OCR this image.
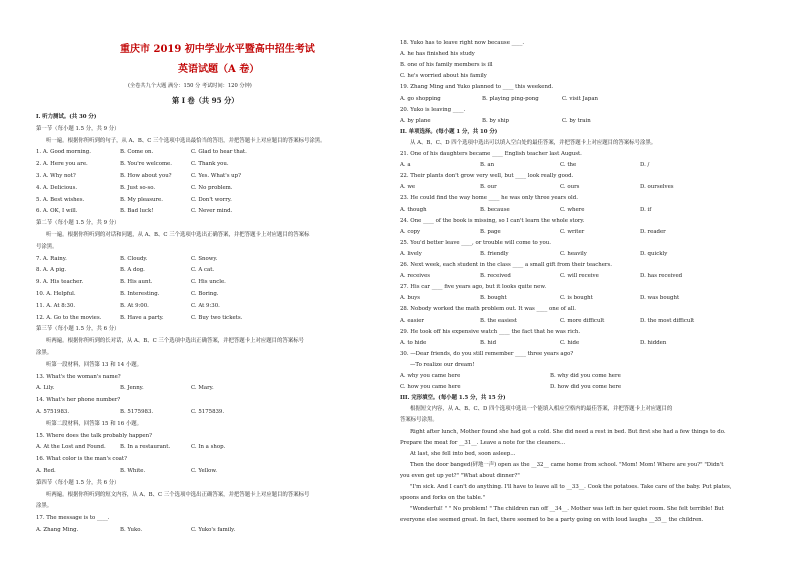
重庆市 2019 初中学业水平暨高中招生考试
英语试题（A 卷）
(全卷共九个大题 满分：150 分 考试时间：120 分钟)
第 I 卷（共 95 分）
I. 听力测试。(共 30 分)
第一节（每小题 1.5 分，共 9 分）
听一遍。根据你所听到的句子，从 A、B、C 三个选项中选出最恰当的答语，并把答题卡上对应题目的答案标号涂黑。
1. A. Good morning.	B. Come on.	C. Glad to hear that.
2. A. Here you are.	B. You're welcome.	C. Thank you.
3. A. Why not?	B. How about you?	C. Yes. What's up?
4. A. Delicious.	B. Just so-so.	C. No problem.
5. A. Best wishes.	B. My pleasure.	C. Don't worry.
6. A. OK, I will.	B. Bad luck!	C. Never mind.
第二节（每小题 1.5 分，共 9 分）
听一遍。根据你所听到的对话和问题，从 A、B、C 三个选项中选出正确答案，并把答题卡上对应题目的答案标
号涂黑。
7. A. Rainy.	B. Cloudy.	C. Snowy.
8. A. A pig.	B. A dog.	C. A cat.
9. A. His teacher.	B. His aunt.	C. His uncle.
10. A. Helpful.	B. Interesting.	C. Boring.
11. A. At 8:30.	B. At 9:00.	C. At 9:30.
12. A. Go to the movies.	B. Have a party.	C. Buy two tickets.
第三节（每小题 1.5 分，共 6 分）
听两遍。根据你所听到的长对话，从 A、B、C 三个选项中选出正确答案，并把答题卡上对应题目的答案标号
涂黑。
听第一段材料，回答第 13 和 14 小题。
13. What's the woman's name?
A. Lily.	B. Jenny.	C. Mary.
14. What's her phone number?
A. 5751983.	B. 5175983.	C. 5175839.
听第二段材料，回答第 15 和 16 小题。
15. Where does the talk probably happen?
A. At the Lost and Found.	B. In a restaurant.	C. In a shop.
16. What color is the man's coat?
A. Red.	B. White.	C. Yellow.
第四节（每小题 1.5 分，共 6 分）
听两遍。根据你所听到的短文内容，从 A、B、C 三个选项中选出正确答案，并把答题卡上对应题目的答案标号
涂黑。
17. The message is to ____.
A. Zhang Ming.	B. Yuko.	C. Yuko's family.
18. Yuko has to leave right now because ____.
A. he has finished his study
B. one of his family members is ill
C. he's worried about his family
19. Zhang Ming and Yuko planned to ____ this weekend.
A. go shopping	B. playing ping-pong	C. visit Japan
20. Yuko is leaving ____.
A. by plane	B. by ship	C. by train
II. 单项选择。(每小题 1 分，共 10 分)
从 A、B、C、D 四个选项中选出可以填入空白处的最佳答案，并把答题卡上对应题目的答案标号涂黑。
21. One of his daughters became ____ English teacher last August.
A. a	B. an	C. the	D. /
22. Their plants don't grow very well, but ____ look really good.
A. we	B. our	C. ours	D. ourselves
23. He could find the way home ____ he was only three years old.
A. though	B. because	C. where	D. if
24. One ____ of the book is missing, so I can't learn the whole story.
A. copy	B. page	C. writer	D. reader
25. You'd better leave ____, or trouble will come to you.
A. lively	B. friendly	C. heavily	D. quickly
26. Next week, each student in the class ____ a small gift from their teachers.
A. receives	B. received	C. will receive	D. has received
27. His car ____ five years ago, but it looks quite new.
A. buys	B. bought	C. is bought	D. was bought
28. Nobody worked the math problem out. It was ____ one of all.
A. easier	B. the easiest	C. more difficult	D. the most difficult
29. He took off his expensive watch ____ the fact that he was rich.
A. to hide	B. hid	C. hide	D. hidden
30. —Dear friends, do you still remember ____ three years ago?
—To realize our dream!
A. why you came here	B. why did you come here
C. how you came here	D. how did you come here
III. 完形填空。(每小题 1.5 分，共 15 分)
根据短文内容，从 A、B、C、D 四个选项中选出一个能填入相应空格内的最佳答案，并把答题卡上对应题目的
答案标号涂黑。
Right after lunch, Mother found she had got a cold. She did need a rest in bed. But first she had a few things to do.
Prepare the meat for __31__. Leave a note for the cleaners...
At last, she fell into bed, soon asleep...
Then the door banged(砰地一声) open as the __32__ came home from school. "Mom! Mom! Where are you?" "Didn't
you even get up yet?" "What about dinner?"
"I'm sick. And I can't do anything. I'll have to leave all to __33__. Cook the potatoes. Take care of the baby. Put plates,
spoons and forks on the table."
"Wonderful! " " No problem! " The children ran off __34__. Mother was left in her quiet room. She felt terrible! But
everyone else seemed great. In fact, there seemed to be a party going on with loud laughs __35__ the children.
